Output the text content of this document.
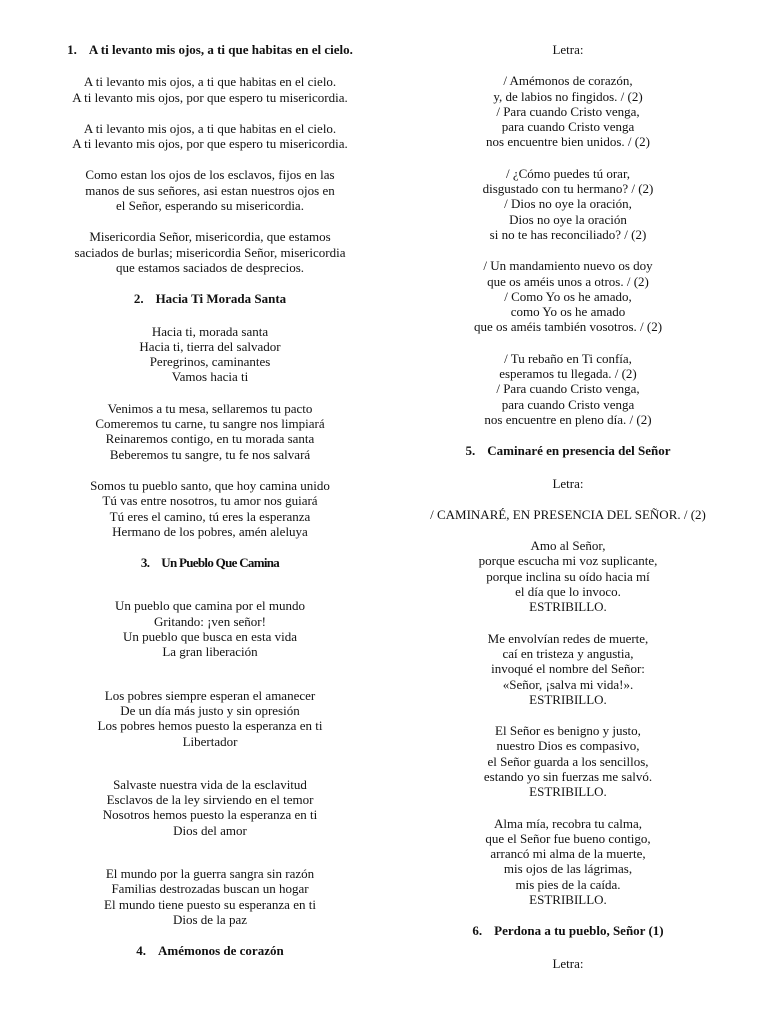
1. A ti levanto mis ojos, a ti que habitas en el cielo.

A ti levanto mis ojos, a ti que habitas en el cielo.
A ti levanto mis ojos, por que espero tu misericordia.
A ti levanto mis ojos, a ti que habitas en el cielo.
A ti levanto mis ojos, por que espero tu misericordia.
Como estan los ojos de los esclavos, fijos en las
manos de sus señores, asi estan nuestros ojos en
el Señor, esperando su misericordia.
Misericordia Señor, misericordia, que estamos
saciados de burlas; misericordia Señor, misericordia
que estamos saciados de desprecios.

2. Hacia Ti Morada Santa

Hacia ti, morada santa
Hacia ti, tierra del salvador
Peregrinos, caminantes
Vamos hacia ti
Venimos a tu mesa, sellaremos tu pacto
Comeremos tu carne, tu sangre nos limpiará
Reinaremos contigo, en tu morada santa
Beberemos tu sangre, tu fe nos salvará
Somos tu pueblo santo, que hoy camina unido
Tú vas entre nosotros, tu amor nos guiará
Tú eres el camino, tú eres la esperanza
Hermano de los pobres, amén aleluya

3. Un Pueblo Que Camina

Un pueblo que camina por el mundo
Gritando: ¡ven señor!
Un pueblo que busca en esta vida
La gran liberación
Los pobres siempre esperan el amanecer
De un día más justo y sin opresión
Los pobres hemos puesto la esperanza en ti
Libertador
Salvaste nuestra vida de la esclavitud
Esclavos de la ley sirviendo en el temor
Nosotros hemos puesto la esperanza en ti
Dios del amor
El mundo por la guerra sangra sin razón
Familias destrozadas buscan un hogar
El mundo tiene puesto su esperanza en ti
Dios de la paz

4. Amémonos de corazón

Letra:
/ Amémonos de corazón,
y, de labios no fingidos. / (2)
/ Para cuando Cristo venga,
para cuando Cristo venga
nos encuentre bien unidos. / (2)
/ ¿Cómo puedes tú orar,
disgustado con tu hermano? / (2)
/ Dios no oye la oración,
Dios no oye la oración
si no te has reconciliado? / (2)
/ Un mandamiento nuevo os doy
que os améis unos a otros. / (2)
/ Como Yo os he amado,
como Yo os he amado
que os améis también vosotros. / (2)
/ Tu rebaño en Ti confía,
esperamos tu llegada. / (2)
/ Para cuando Cristo venga,
para cuando Cristo venga
nos encuentre en pleno día. / (2)

5. Caminaré en presencia del Señor

Letra:
/ CAMINARÉ, EN PRESENCIA DEL SEÑOR. / (2)
Amo al Señor,
porque escucha mi voz suplicante,
porque inclina su oído hacia mí
el día que lo invoco.
ESTRIBILLO.
Me envolvían redes de muerte,
caí en tristeza y angustia,
invoqué el nombre del Señor:
«Señor, ¡salva mi vida!».
ESTRIBILLO.
El Señor es benigno y justo,
nuestro Dios es compasivo,
el Señor guarda a los sencillos,
estando yo sin fuerzas me salvó.
ESTRIBILLO.
Alma mía, recobra tu calma,
que el Señor fue bueno contigo,
arrancó mi alma de la muerte,
mis ojos de las lágrimas,
mis pies de la caída.
ESTRIBILLO.

6. Perdona a tu pueblo, Señor (1)

Letra:
